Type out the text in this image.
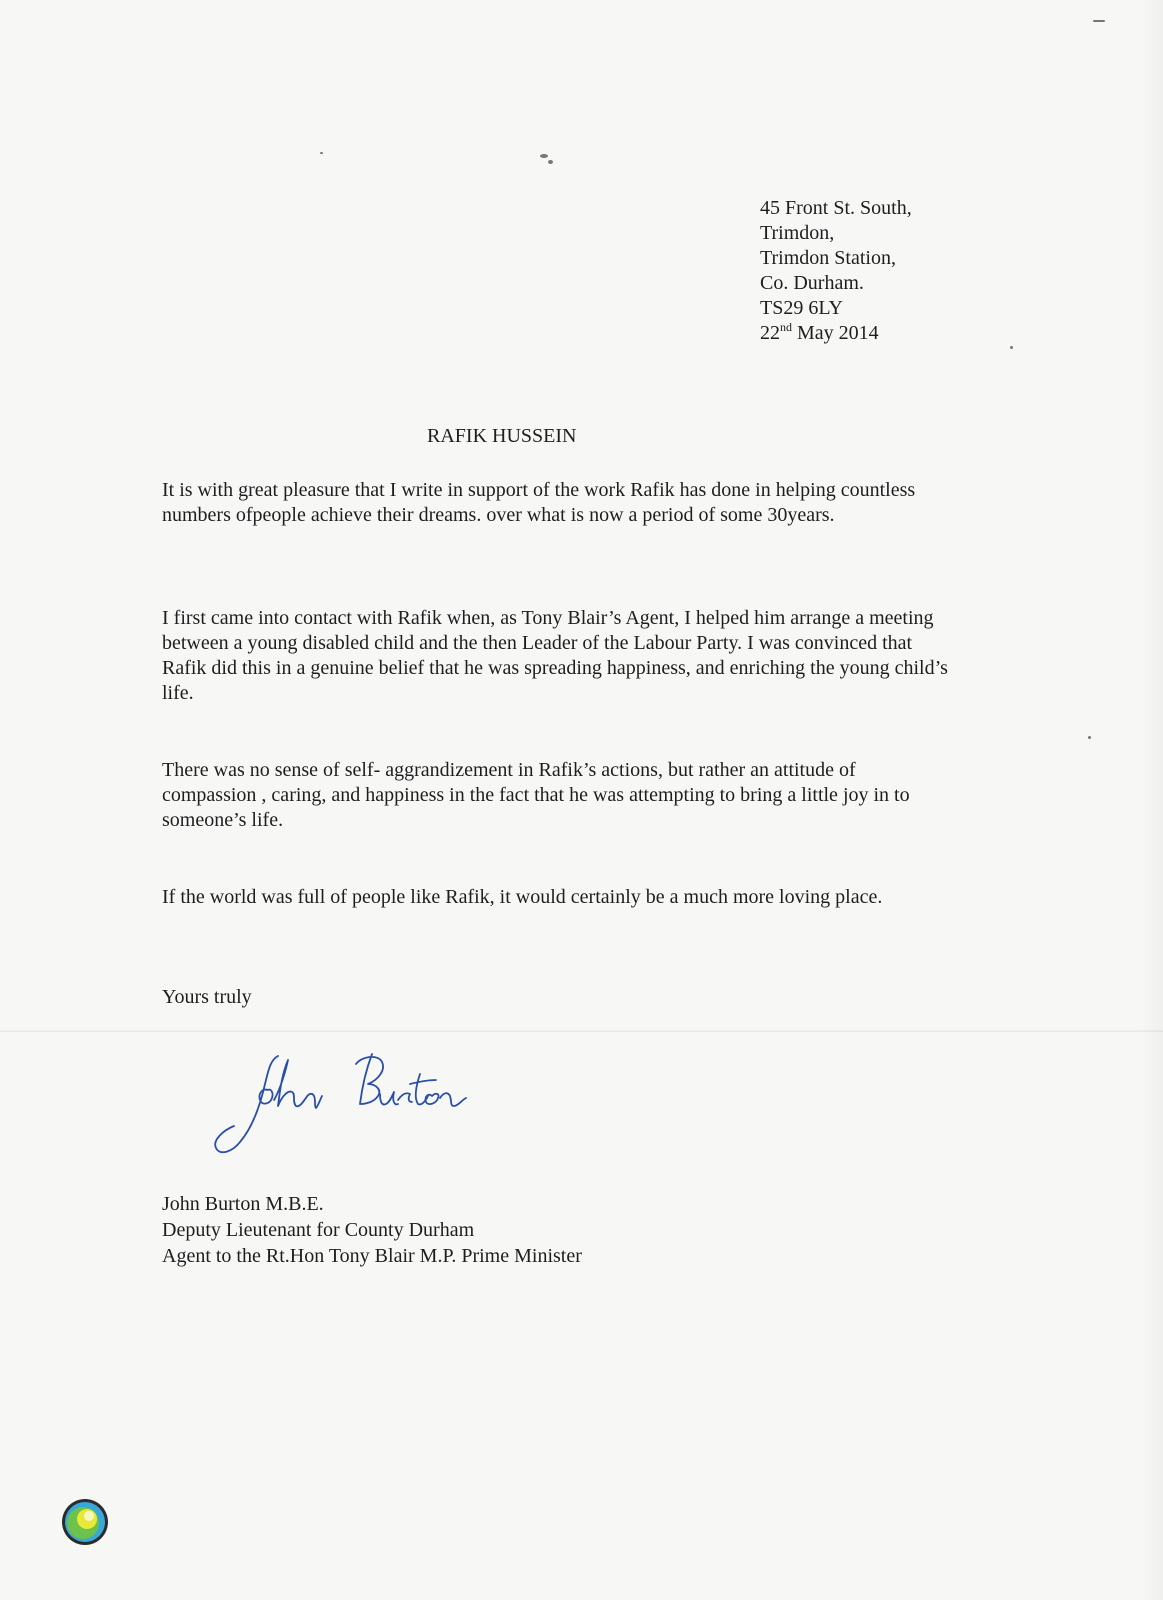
45 Front St. South,
Trimdon,
Trimdon Station,
Co. Durham.
TS29 6LY
22nd May 2014
RAFIK HUSSEIN

It is with great pleasure that I write in support of the work Rafik has done in helping countless numbers ofpeople achieve their dreams. over what is now a period of some 30years.

I first came into contact with Rafik when, as Tony Blair’s Agent, I helped him arrange a meeting between a young disabled child and the then Leader of the Labour Party. I was convinced that Rafik did this in a genuine belief that he was spreading happiness, and enriching the young child’s life.

There was no sense of self- aggrandizement in Rafik’s actions, but rather an attitude of compassion , caring, and happiness in the fact that he was attempting to bring a little joy in to someone’s life.

If the world was full of people like Rafik, it would certainly be a much more loving place.

Yours truly
John Burton M.B.E.
Deputy Lieutenant for County Durham
Agent to the Rt.Hon Tony Blair M.P. Prime Minister
